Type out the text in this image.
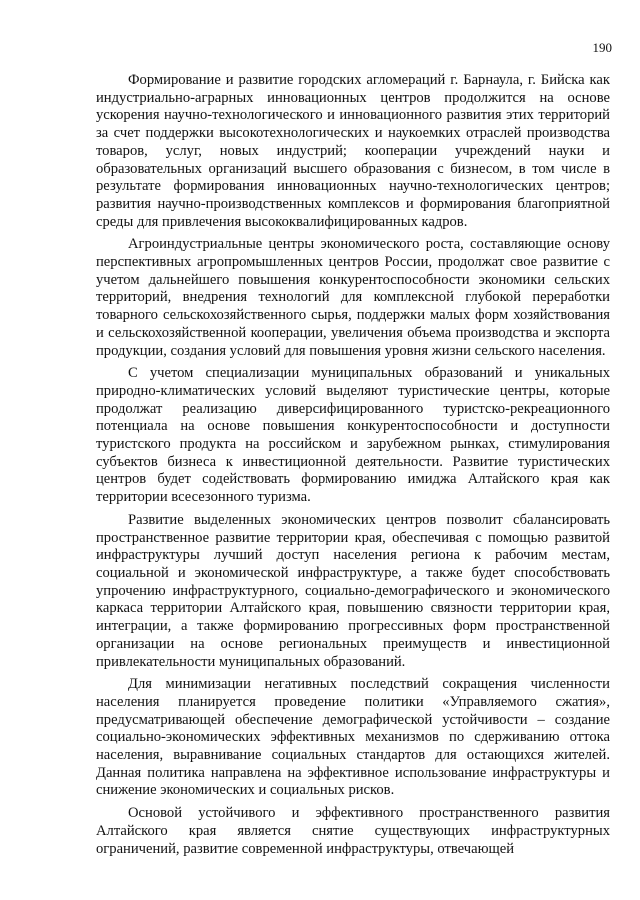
190

Формирование и развитие городских агломераций г. Барнаула, г. Бийска как индустриально-аграрных инновационных центров продолжится на основе ускорения научно-технологического и инновационного развития этих территорий за счет поддержки высокотехнологических и наукоемких отраслей производства товаров, услуг, новых индустрий; кооперации учреждений науки и образовательных организаций высшего образования с бизнесом, в том числе в результате формирования инновационных научно-технологических центров; развития научно-производственных комплексов и формирования благоприятной среды для привлечения высококвалифицированных кадров.

Агроиндустриальные центры экономического роста, составляющие основу перспективных агропромышленных центров России, продолжат свое развитие с учетом дальнейшего повышения конкурентоспособности экономики сельских территорий, внедрения технологий для комплексной глубокой переработки товарного сельскохозяйственного сырья, поддержки малых форм хозяйствования и сельскохозяйственной кооперации, увеличения объема производства и экспорта продукции, создания условий для повышения уровня жизни сельского населения.

С учетом специализации муниципальных образований и уникальных природно-климатических условий выделяют туристические центры, которые продолжат реализацию диверсифицированного туристско-рекреационного потенциала на основе повышения конкурентоспособности и доступности туристского продукта на российском и зарубежном рынках, стимулирования субъектов бизнеса к инвестиционной деятельности. Развитие туристических центров будет содействовать формированию имиджа Алтайского края как территории всесезонного туризма.

Развитие выделенных экономических центров позволит сбалансировать пространственное развитие территории края, обеспечивая с помощью развитой инфраструктуры лучший доступ населения региона к рабочим местам, социальной и экономической инфраструктуре, а также будет способствовать упрочению инфраструктурного, социально-демографического и экономического каркаса территории Алтайского края, повышению связности территории края, интеграции, а также формированию прогрессивных форм пространственной организации на основе региональных преимуществ и инвестиционной привлекательности муниципальных образований.

Для минимизации негативных последствий сокращения численности населения планируется проведение политики «Управляемого сжатия», предусматривающей обеспечение демографической устойчивости – создание социально-экономических эффективных механизмов по сдерживанию оттока населения, выравнивание социальных стандартов для остающихся жителей. Данная политика направлена на эффективное использование инфраструктуры и снижение экономических и социальных рисков.

Основой устойчивого и эффективного пространственного развития Алтайского края является снятие существующих инфраструктурных ограничений, развитие современной инфраструктуры, отвечающей
